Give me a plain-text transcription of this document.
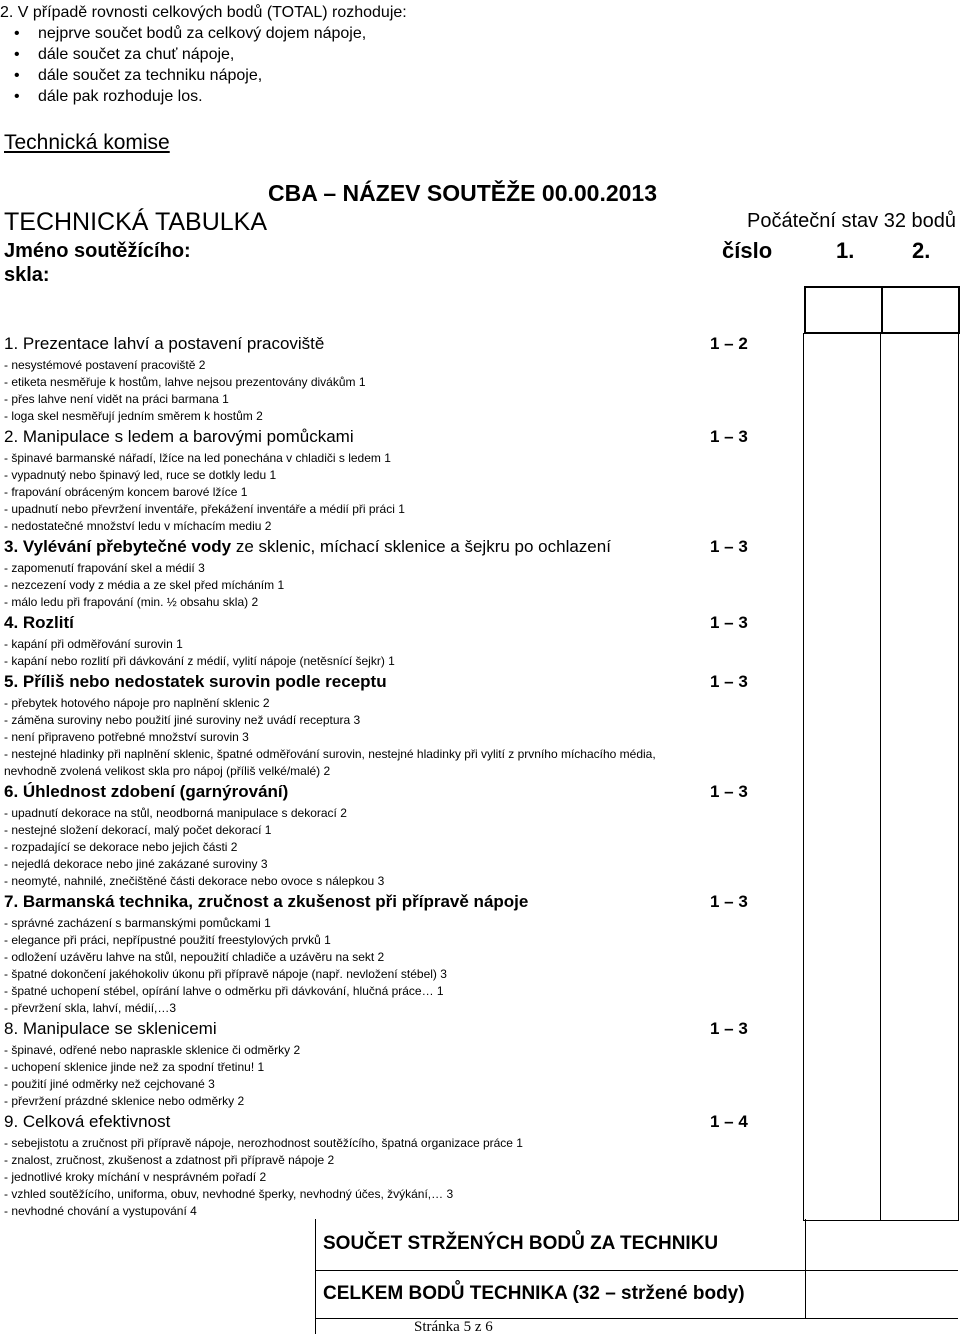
2. V případě rovnosti celkových bodů (TOTAL) rozhoduje:
• nejprve součet bodů za celkový dojem nápoje,
• dále součet za chuť nápoje,
• dále součet za techniku nápoje,
• dále pak rozhoduje los.
Technická komise
CBA – NÁZEV SOUTĚŽE 00.00.2013
TECHNICKÁ TABULKA	Počáteční stav 32 bodů
Jméno soutěžícího:
skla:
číslo	1.	2.

1. Prezentace lahví a postavení pracoviště	1 – 2
- nesystémové postavení pracoviště 2
- etiketa nesměřuje k hostům, lahve nejsou prezentovány divákům 1
- přes lahve není vidět na práci barmana 1
- loga skel nesměřují jedním směrem k hostům 2
2. Manipulace s ledem a barovými pomůckami	1 – 3
- špinavé barmanské nářadí, lžíce na led ponechána v chladiči s ledem 1
- vypadnutý nebo špinavý led, ruce se dotkly ledu 1
- frapování obráceným koncem barové lžíce 1
- upadnutí nebo převržení inventáře, překážení inventáře a médií při práci 1
- nedostatečné množství ledu v míchacím mediu 2
3. Vylévání přebytečné vody ze sklenic, míchací sklenice a šejkru po ochlazení	1 – 3
- zapomenutí frapování skel a médií 3
- nezcezení vody z média a ze skel před mícháním 1
- málo ledu při frapování (min. ½ obsahu skla) 2
4. Rozlití	1 – 3
- kapání při odměřování surovin 1
- kapání nebo rozlití při dávkování z médií, vylití nápoje (netěsnící šejkr) 1
5. Příliš nebo nedostatek surovin podle receptu	1 – 3
- přebytek hotového nápoje pro naplnění sklenic 2
- záměna suroviny nebo použití jiné suroviny než uvádí receptura 3
- není připraveno potřebné množství surovin 3
- nestejné hladinky při naplnění sklenic, špatné odměřování surovin, nestejné hladinky při vylití z prvního míchacího média, nevhodně zvolená velikost skla pro nápoj (příliš velké/malé) 2
6. Úhlednost zdobení (garnýrování)	1 – 3
- upadnutí dekorace na stůl, neodborná manipulace s dekorací 2
- nestejné složení dekorací, malý počet dekorací 1
- rozpadající se dekorace nebo jejich části 2
- nejedlá dekorace nebo jiné zakázané suroviny 3
- neomyté, nahnilé, znečištěné části dekorace nebo ovoce s nálepkou 3
7. Barmanská technika, zručnost a zkušenost při přípravě nápoje	1 – 3
- správné zacházení s barmanskými pomůckami 1
- elegance při práci, nepřípustné použití freestylových prvků 1
- odložení uzávěru lahve na stůl, nepoužití chladiče a uzávěru na sekt 2
- špatné dokončení jakéhokoliv úkonu při přípravě nápoje (např. nevložení stébel) 3
- špatné uchopení stébel, opírání lahve o odměrku při dávkování, hlučná práce… 1
- převržení skla, lahví, médií,…3
8. Manipulace se sklenicemi	1 – 3
- špinavé, odřené nebo napraskle sklenice či odměrky 2
- uchopení sklenice jinde než za spodní třetinu! 1
- použití jiné odměrky než cejchované 3
- převržení prázdné sklenice nebo odměrky 2
9. Celková efektivnost	1 – 4
- sebejistotu a zručnost při přípravě nápoje, nerozhodnost soutěžícího, špatná organizace práce 1
- znalost, zručnost, zkušenost a zdatnost při přípravě nápoje 2
- jednotlivé kroky míchání v nesprávném pořadí 2
- vzhled soutěžícího, uniforma, obuv, nevhodné šperky, nevhodný účes, žvýkání,… 3
- nevhodné chování a vystupování 4
SOUČET STRŽENÝCH BODŮ ZA TECHNIKU
CELKEM BODŮ TECHNIKA (32 – stržené body)
Stránka 5 z 6
